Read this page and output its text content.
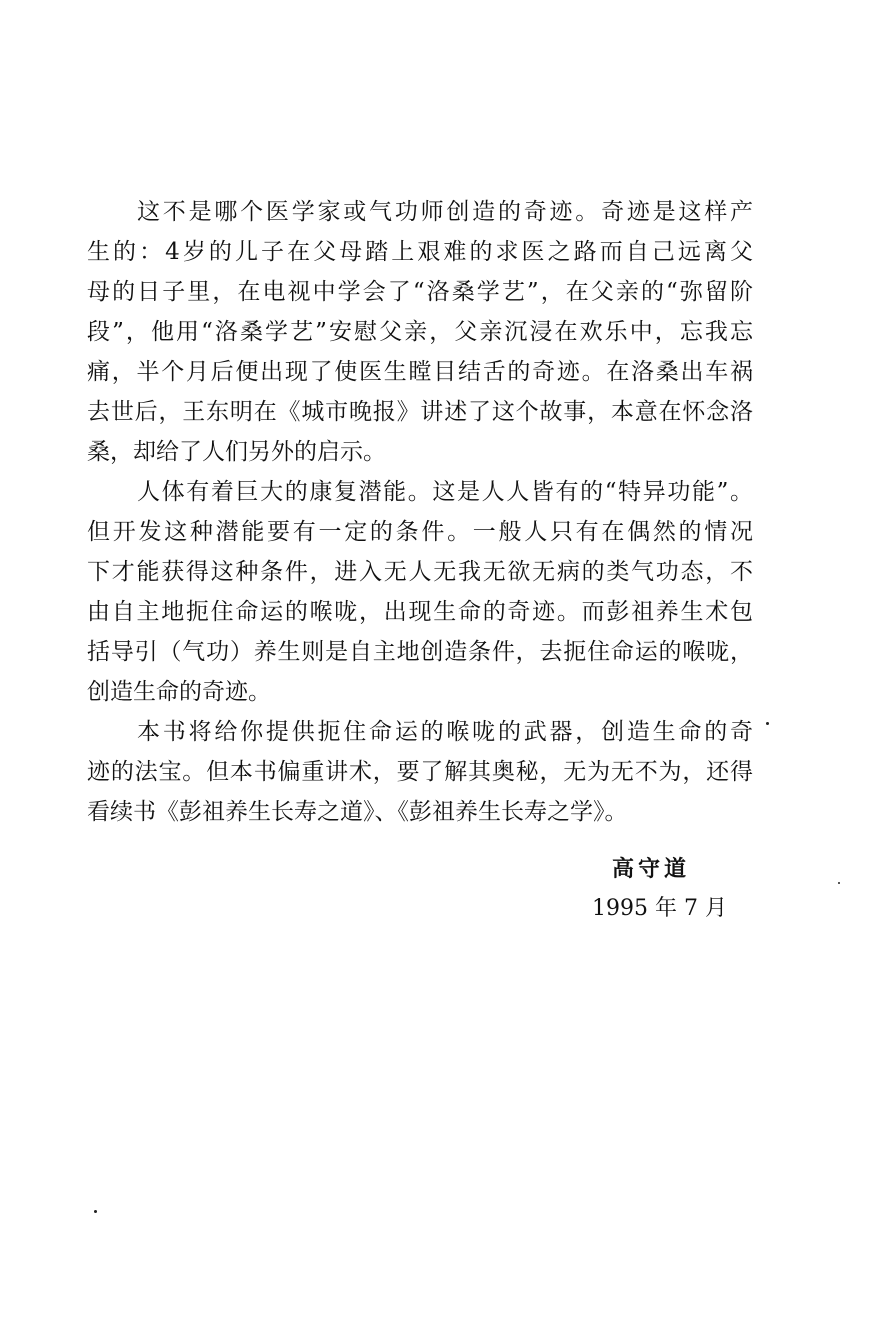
这不是哪个医学家或气功师创造的奇迹。奇迹是这样产
生的：4岁的儿子在父母踏上艰难的求医之路而自己远离父
母的日子里，在电视中学会了“洛桑学艺”，在父亲的“弥留阶
段”，他用“洛桑学艺”安慰父亲，父亲沉浸在欢乐中，忘我忘
痛，半个月后便出现了使医生瞠目结舌的奇迹。在洛桑出车祸
去世后，王东明在《城市晚报》讲述了这个故事，本意在怀念洛
桑，却给了人们另外的启示。
人体有着巨大的康复潜能。这是人人皆有的“特异功能”。
但开发这种潜能要有一定的条件。一般人只有在偶然的情况
下才能获得这种条件，进入无人无我无欲无病的类气功态，不
由自主地扼住命运的喉咙，出现生命的奇迹。而彭祖养生术包
括导引（气功）养生则是自主地创造条件，去扼住命运的喉咙，
创造生命的奇迹。
本书将给你提供扼住命运的喉咙的武器，创造生命的奇
迹的法宝。但本书偏重讲术，要了解其奥秘，无为无不为，还得
看续书《彭祖养生长寿之道》、《彭祖养生长寿之学》。
高守道
1995 年 7 月
